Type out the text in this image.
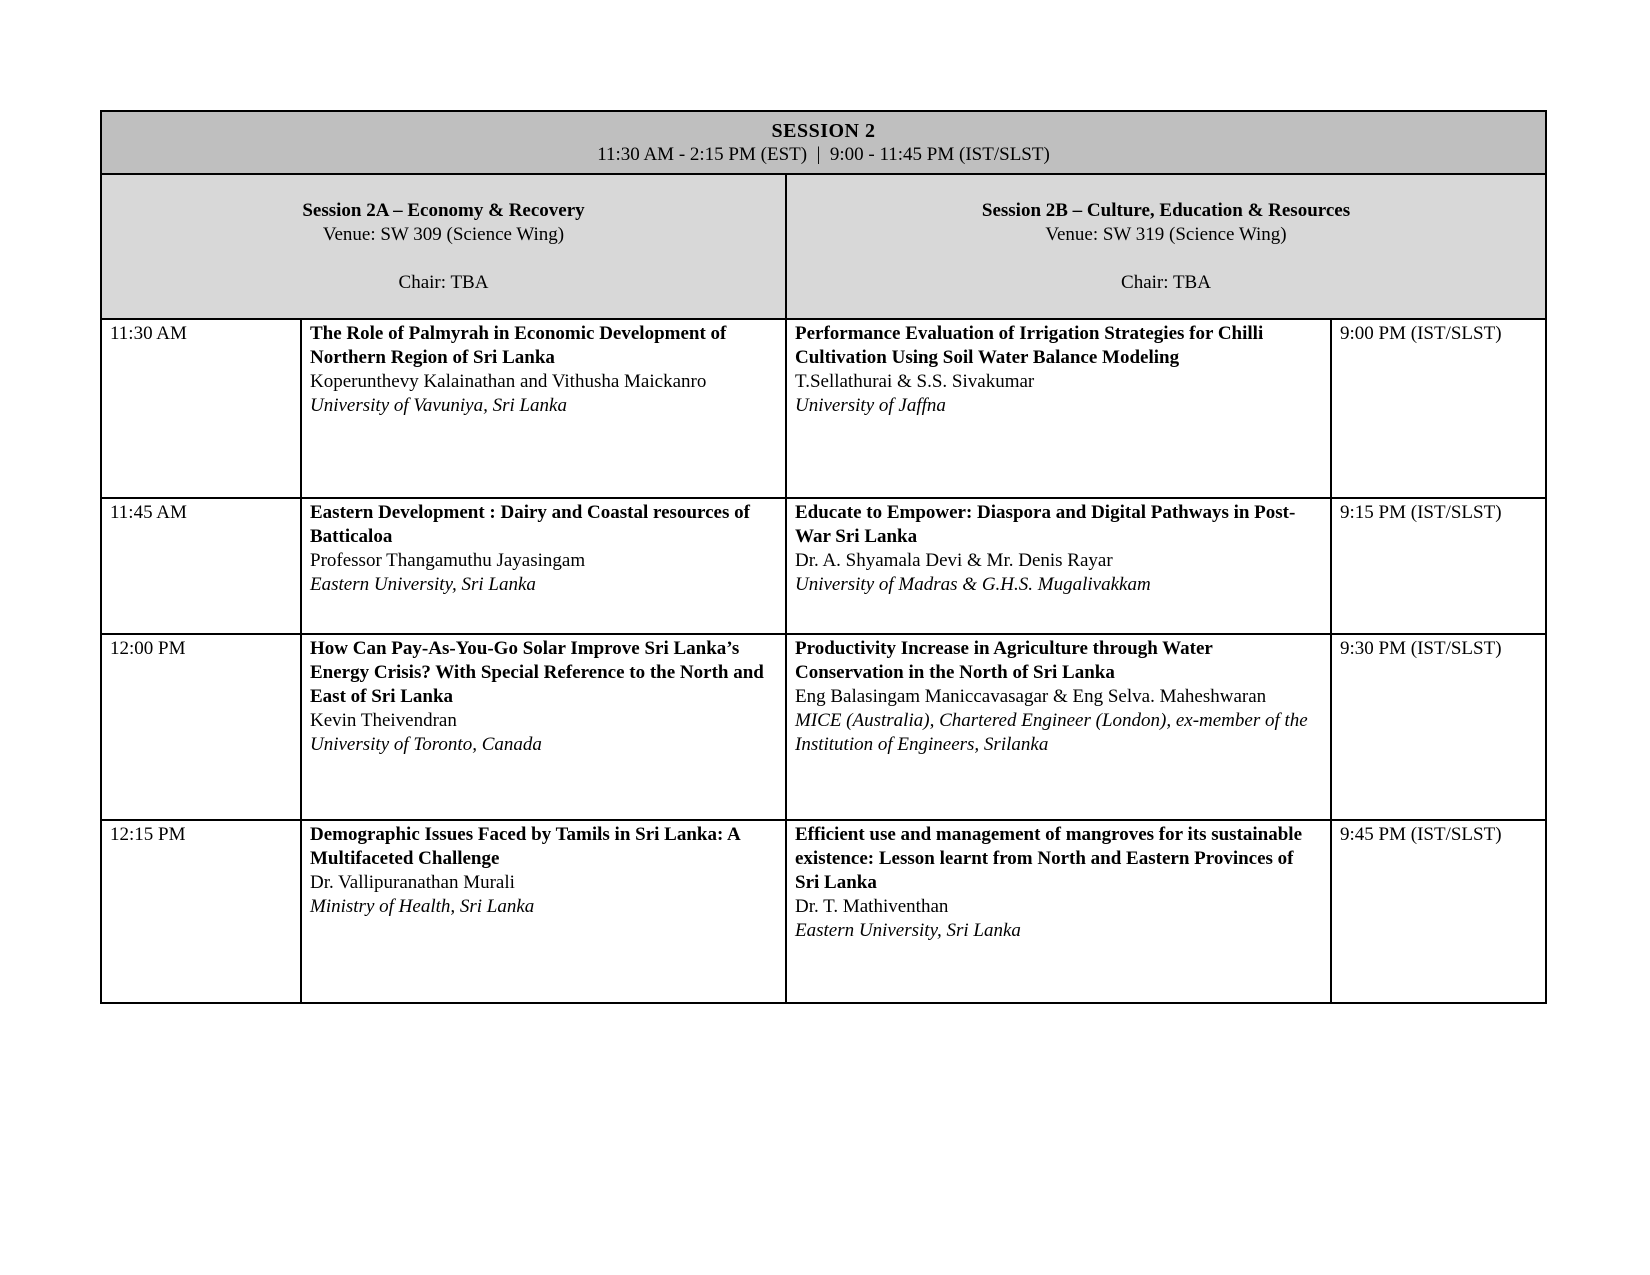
SESSION 2
11:30 AM - 2:15 PM (EST)  |  9:00 - 11:45 PM (IST/SLST)			

Session 2A – Economy & Recovery
Venue: SW 309 (Science Wing)
Chair: TBA

Session 2B – Culture, Education & Resources
Venue: SW 319 (Science Wing)
Chair: TBA

11:30 AM	The Role of Palmyrah in Economic Development of Northern Region of Sri Lanka
Koperunthevy Kalainathan and Vithusha Maickanro
University of Vavuniya, Sri Lanka
	Performance Evaluation of Irrigation Strategies for Chilli Cultivation Using Soil Water Balance Modeling
T.Sellathurai & S.S. Sivakumar
University of Jaffna
	9:00 PM (IST/SLST)
11:45 AM	Eastern Development : Dairy and Coastal resources of Batticaloa
Professor Thangamuthu Jayasingam
Eastern University, Sri Lanka
	Educate to Empower: Diaspora and Digital Pathways in Post-War Sri Lanka
Dr. A. Shyamala Devi & Mr. Denis Rayar
University of Madras & G.H.S. Mugalivakkam
	9:15 PM (IST/SLST)
12:00 PM	How Can Pay-As-You-Go Solar Improve Sri Lanka’s Energy Crisis? With Special Reference to the North and East of Sri Lanka
Kevin Theivendran
University of Toronto, Canada
	Productivity Increase in Agriculture through Water Conservation in the North of Sri Lanka
Eng Balasingam Maniccavasagar & Eng Selva. Maheshwaran
MICE (Australia), Chartered Engineer (London), ex-member of the Institution of Engineers, Srilanka
	9:30 PM (IST/SLST)
12:15 PM	Demographic Issues Faced by Tamils in Sri Lanka: A Multifaceted Challenge
Dr. Vallipuranathan Murali
Ministry of Health, Sri Lanka
	Efficient use and management of mangroves for its sustainable existence: Lesson learnt from North and Eastern Provinces of Sri Lanka
Dr. T. Mathiventhan
Eastern University, Sri Lanka
	9:45 PM (IST/SLST)
